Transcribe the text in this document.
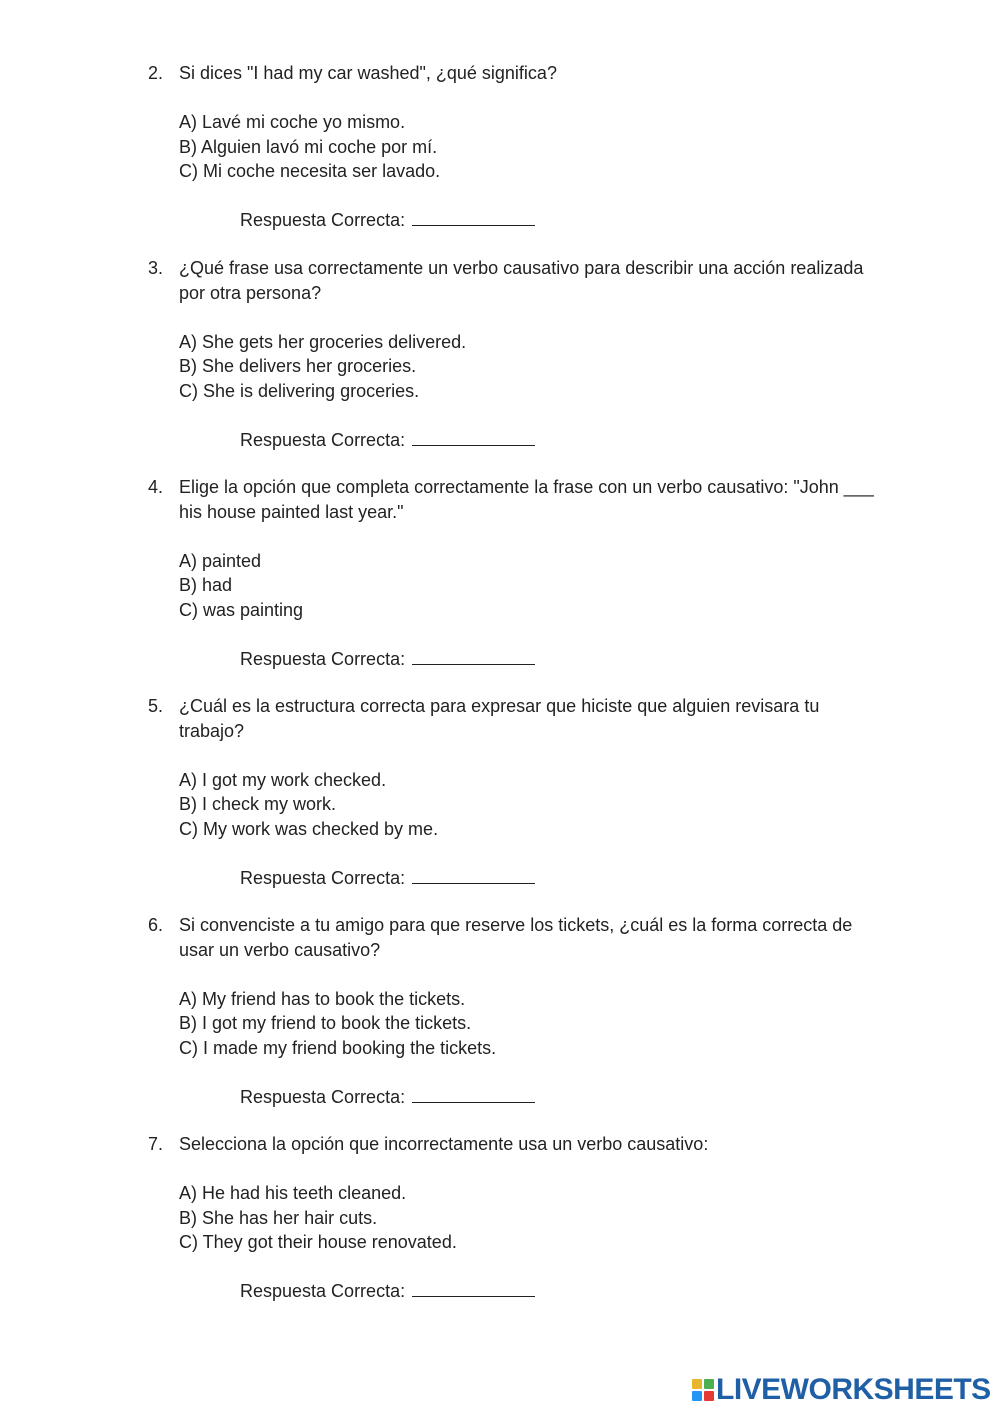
2. Si dices "I had my car washed", ¿qué significa?
A) Lavé mi coche yo mismo.
B) Alguien lavó mi coche por mí.
C) Mi coche necesita ser lavado.
Respuesta Correcta:
3. ¿Qué frase usa correctamente un verbo causativo para describir una acción realizada por otra persona?
A) She gets her groceries delivered.
B) She delivers her groceries.
C) She is delivering groceries.
Respuesta Correcta:
4. Elige la opción que completa correctamente la frase con un verbo causativo: "John ___ his house painted last year."
A) painted
B) had
C) was painting
Respuesta Correcta:
5. ¿Cuál es la estructura correcta para expresar que hiciste que alguien revisara tu trabajo?
A) I got my work checked.
B) I check my work.
C) My work was checked by me.
Respuesta Correcta:
6. Si convenciste a tu amigo para que reserve los tickets, ¿cuál es la forma correcta de usar un verbo causativo?
A) My friend has to book the tickets.
B) I got my friend to book the tickets.
C) I made my friend booking the tickets.
Respuesta Correcta:
7. Selecciona la opción que incorrectamente usa un verbo causativo:
A) He had his teeth cleaned.
B) She has her hair cuts.
C) They got their house renovated.
Respuesta Correcta:
LIVEWORKSHEETS
